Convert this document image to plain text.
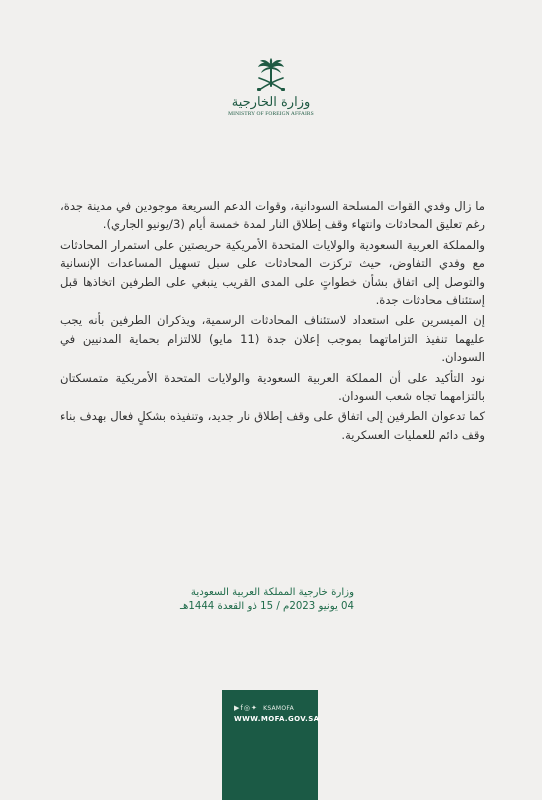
وزارة الخارجية
MINISTRY OF FOREIGN AFFAIRS

ما زال وفدي القوات المسلحة السودانية، وقوات الدعم السريعة موجودين في مدينة جدة، رغم تعليق المحادثات وانتهاء وقف إطلاق النار لمدة خمسة أيام (3/يونيو الجاري).

والمملكة العربية السعودية والولايات المتحدة الأمريكية حريصتين على استمرار المحادثات مع وفدي التفاوض، حيث تركزت المحادثات على سبل تسهيل المساعدات الإنسانية والتوصل إلى اتفاق بشأن خطواتٍ على المدى القريب ينبغي على الطرفين اتخاذها قبل إستئناف محادثات جدة.

إن الميسرين على استعداد لاستئناف المحادثات الرسمية، ويذكران الطرفين بأنه يجب عليهما تنفيذ التزاماتهما بموجب إعلان جدة (11 مايو) للالتزام بحماية المدنيين في السودان.

نود التأكيد على أن المملكة العربية السعودية والولايات المتحدة الأمريكية متمسكتان بالتزامهما تجاه شعب السودان.

كما تدعوان الطرفين إلى اتفاق على وقف إطلاق نار جديد، وتنفيذه بشكلٍ فعال بهدف بناء وقف دائم للعمليات العسكرية.

وزارة خارجية المملكة العربية السعودية
04 يونيو 2023م / 15 ذو القعدة 1444هـ
▶f◎✦ KSAMOFA
WWW.MOFA.GOV.SA
